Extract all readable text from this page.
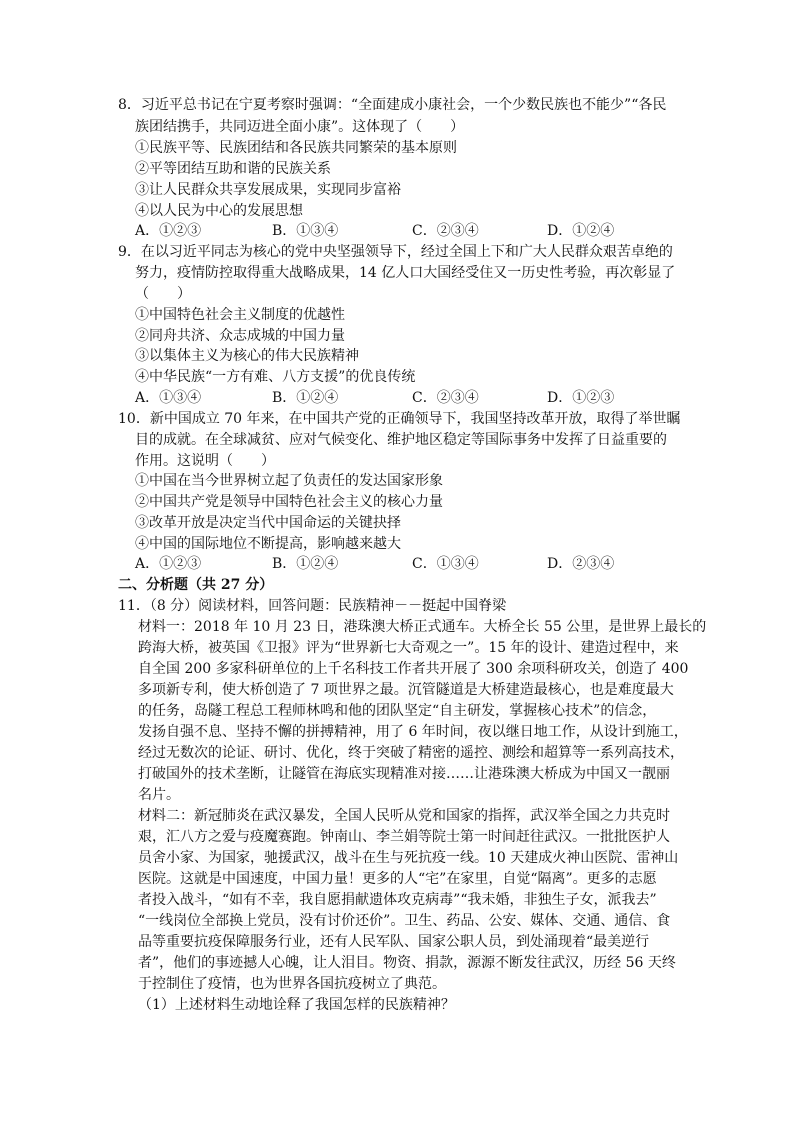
8．习近平总书记在宁夏考察时强调：“全面建成小康社会，一个少数民族也不能少”“各民
族团结携手，共同迈进全面小康”。这体现了（　　）
①民族平等、民族团结和各民族共同繁荣的基本原则
②平等团结互助和谐的民族关系
③让人民群众共享发展成果，实现同步富裕
④以人民为中心的发展思想
A．①②③	B．①③④	C．②③④	D．①②④
9．在以习近平同志为核心的党中央坚强领导下，经过全国上下和广大人民群众艰苦卓绝的
努力，疫情防控取得重大战略成果，14 亿人口大国经受住又一历史性考验，再次彰显了
（　　）
①中国特色社会主义制度的优越性
②同舟共济、众志成城的中国力量
③以集体主义为核心的伟大民族精神
④中华民族“一方有难、八方支援”的优良传统
A．①③④	B．①②④	C．②③④	D．①②③
10．新中国成立 70 年来，在中国共产党的正确领导下，我国坚持改革开放，取得了举世瞩
目的成就。在全球减贫、应对气候变化、维护地区稳定等国际事务中发挥了日益重要的
作用。这说明（　　）
①中国在当今世界树立起了负责任的发达国家形象
②中国共产党是领导中国特色社会主义的核心力量
③改革开放是决定当代中国命运的关键抉择
④中国的国际地位不断提高，影响越来越大
A．①②③	B．①②④	C．①③④	D．②③④
二、分析题（共 27 分）
11．（8 分）阅读材料，回答问题：民族精神－－挺起中国脊梁
材料一：2018 年 10 月 23 日，港珠澳大桥正式通车。大桥全长 55 公里，是世界上最长的
跨海大桥，被英国《卫报》评为“世界新七大奇观之一”。15 年的设计、建造过程中，来
自全国 200 多家科研单位的上千名科技工作者共开展了 300 余项科研攻关，创造了 400
多项新专利，使大桥创造了 7 项世界之最。沉管隧道是大桥建造最核心，也是难度最大
的任务，岛隧工程总工程师林鸣和他的团队坚定“自主研发，掌握核心技术”的信念，
发扬自强不息、坚持不懈的拼搏精神，用了 6 年时间，夜以继日地工作，从设计到施工，
经过无数次的论证、研讨、优化，终于突破了精密的遥控、测绘和超算等一系列高技术，
打破国外的技术垄断，让隧管在海底实现精准对接……让港珠澳大桥成为中国又一靓丽
名片。
材料二：新冠肺炎在武汉暴发，全国人民听从党和国家的指挥，武汉举全国之力共克时
艰，汇八方之爱与疫魔赛跑。钟南山、李兰娟等院士第一时间赶往武汉。一批批医护人
员舍小家、为国家，驰援武汉，战斗在生与死抗疫一线。10 天建成火神山医院、雷神山
医院。这就是中国速度，中国力量！更多的人“宅”在家里，自觉“隔离”。更多的志愿
者投入战斗，“如有不幸，我自愿捐献遗体攻克病毒”“我未婚，非独生子女，派我去”
“一线岗位全部换上党员，没有讨价还价”。卫生、药品、公安、媒体、交通、通信、食
品等重要抗疫保障服务行业，还有人民军队、国家公职人员，到处涌现着“最美逆行
者”，他们的事迹撼人心魄，让人泪目。物资、捐款，源源不断发往武汉，历经 56 天终
于控制住了疫情，也为世界各国抗疫树立了典范。
（1）上述材料生动地诠释了我国怎样的民族精神？
